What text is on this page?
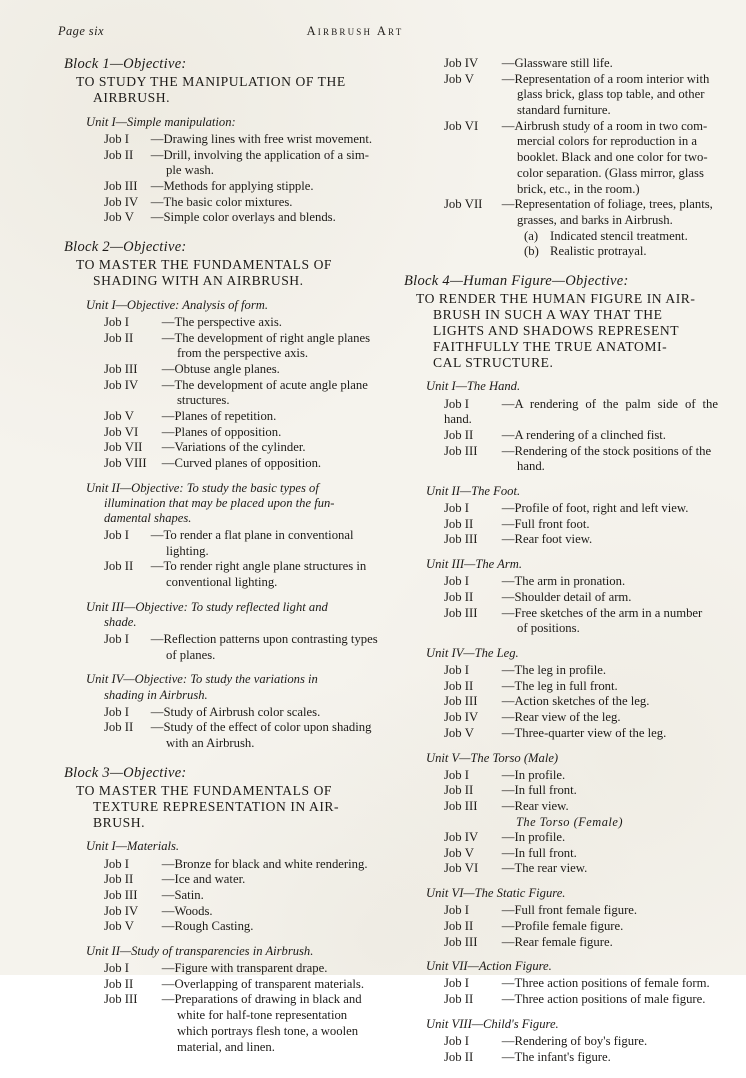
Page six	Airbrush Art
Block 1—Objective:
TO STUDY THE MANIPULATION OF THE
AIRBRUSH.
Unit I—Simple manipulation:
Job I —Drawing lines with free wrist movement.
Job II —Drill, involving the application of a sim-
ple wash.
Job III —Methods for applying stipple.
Job IV —The basic color mixtures.
Job V —Simple color overlays and blends.
Block 2—Objective:
TO MASTER THE FUNDAMENTALS OF
SHADING WITH AN AIRBRUSH.
Unit I—Objective: Analysis of form.
Job I	—The perspective axis.
Job II —The development of right angle planes
from the perspective axis.
Job III —Obtuse angle planes.
Job IV —The development of acute angle plane
structures.
Job V —Planes of repetition.
Job VI —Planes of opposition.
Job VII —Variations of the cylinder.
Job VIII —Curved planes of opposition.
Unit II—Objective: To study the basic types of
illumination that may be placed upon the fun-
damental shapes.
Job I —To render a flat plane in conventional
lighting.
Job II —To render right angle plane structures in
conventional lighting.
Unit III—Objective: To study reflected light and
shade.
Job I —Reflection patterns upon contrasting types
of planes.
Unit IV—Objective: To study the variations in
shading in Airbrush.
Job I —Study of Airbrush color scales.
Job II —Study of the effect of color upon shading
with an Airbrush.
Block 3—Objective:
TO MASTER THE FUNDAMENTALS OF
TEXTURE REPRESENTATION IN AIR-
BRUSH.
Unit I—Materials.
Job I	—Bronze for black and white rendering.
Job II —Ice and water.
Job III —Satin.
Job IV —Woods.
Job V —Rough Casting.
Unit II—Study of transparencies in Airbrush.
Job I	—Figure with transparent drape.
Job II —Overlapping of transparent materials.
Job III —Preparations of drawing in black and
white for half-tone representation
which portrays flesh tone, a woolen
material, and linen.
Job IV —Glassware still life.
Job V —Representation of a room interior with
glass brick, glass top table, and other
standard furniture.
Job VI —Airbrush study of a room in two com-
mercial colors for reproduction in a
booklet. Black and one color for two-
color separation. (Glass mirror, glass
brick, etc., in the room.)
Job VII —Representation of foliage, trees, plants,
grasses, and barks in Airbrush.
(a) Indicated stencil treatment.
(b) Realistic protrayal.
Block 4—Human Figure—Objective:
TO RENDER THE HUMAN FIGURE IN AIR-
BRUSH IN SUCH A WAY THAT THE
LIGHTS AND SHADOWS REPRESENT
FAITHFULLY THE TRUE ANATOMI-
CAL STRUCTURE.
Unit I—The Hand.
Job I	—A rendering of the palm side of the hand.
Job II —A rendering of a clinched fist.
Job III —Rendering of the stock positions of the
hand.
Unit II—The Foot.
Job I	—Profile of foot, right and left view.
Job II —Full front foot.
Job III —Rear foot view.
Unit III—The Arm.
Job I	—The arm in pronation.
Job II —Shoulder detail of arm.
Job III —Free sketches of the arm in a number
of positions.
Unit IV—The Leg.
Job I	—The leg in profile.
Job II —The leg in full front.
Job III —Action sketches of the leg.
Job IV —Rear view of the leg.
Job V —Three-quarter view of the leg.
Unit V—The Torso (Male)
Job I	—In profile.
Job II —In full front.
Job III —Rear view.
The Torso (Female)
Job IV —In profile.
Job V —In full front.
Job VI —The rear view.
Unit VI—The Static Figure.
Job I	—Full front female figure.
Job II —Profile female figure.
Job III —Rear female figure.
Unit VII—Action Figure.
Job I	—Three action positions of female form.
Job II —Three action positions of male figure.
Unit VIII—Child's Figure.
Job I	—Rendering of boy's figure.
Job II —The infant's figure.
